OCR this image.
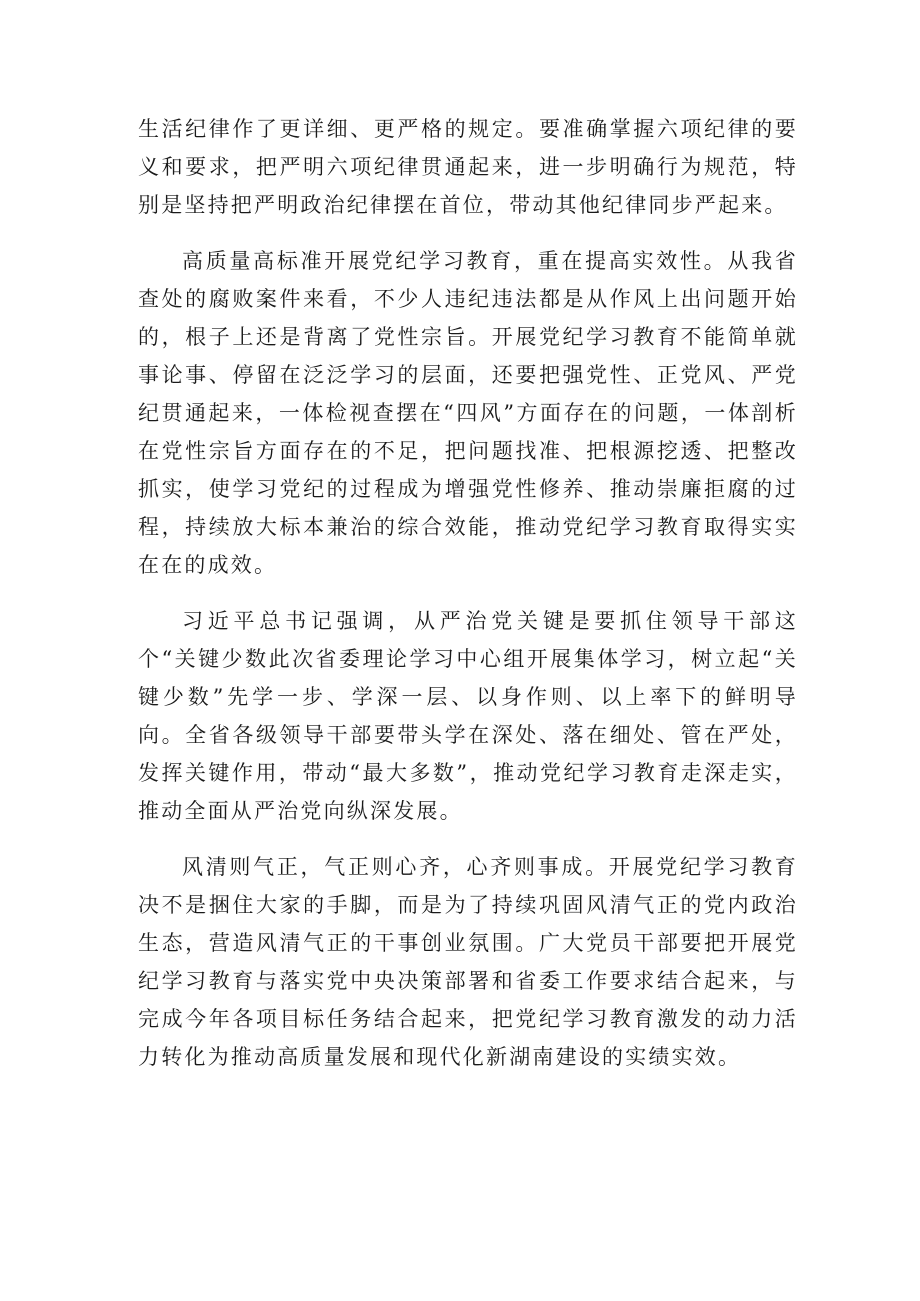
生活纪律作了更详细、更严格的规定。要准确掌握六项纪律的要义和要求，把严明六项纪律贯通起来，进一步明确行为规范，特别是坚持把严明政治纪律摆在首位，带动其他纪律同步严起来。

高质量高标准开展党纪学习教育，重在提高实效性。从我省查处的腐败案件来看，不少人违纪违法都是从作风上出问题开始的，根子上还是背离了党性宗旨。开展党纪学习教育不能简单就事论事、停留在泛泛学习的层面，还要把强党性、正党风、严党纪贯通起来，一体检视查摆在“四风”方面存在的问题，一体剖析在党性宗旨方面存在的不足，把问题找准、把根源挖透、把整改抓实，使学习党纪的过程成为增强党性修养、推动崇廉拒腐的过程，持续放大标本兼治的综合效能，推动党纪学习教育取得实实在在的成效。

习近平总书记强调，从严治党关键是要抓住领导干部这个“关键少数此次省委理论学习中心组开展集体学习，树立起“关键少数”先学一步、学深一层、以身作则、以上率下的鲜明导向。全省各级领导干部要带头学在深处、落在细处、管在严处，发挥关键作用，带动“最大多数”，推动党纪学习教育走深走实，推动全面从严治党向纵深发展。

风清则气正，气正则心齐，心齐则事成。开展党纪学习教育决不是捆住大家的手脚，而是为了持续巩固风清气正的党内政治生态，营造风清气正的干事创业氛围。广大党员干部要把开展党纪学习教育与落实党中央决策部署和省委工作要求结合起来，与完成今年各项目标任务结合起来，把党纪学习教育激发的动力活力转化为推动高质量发展和现代化新湖南建设的实绩实效。
